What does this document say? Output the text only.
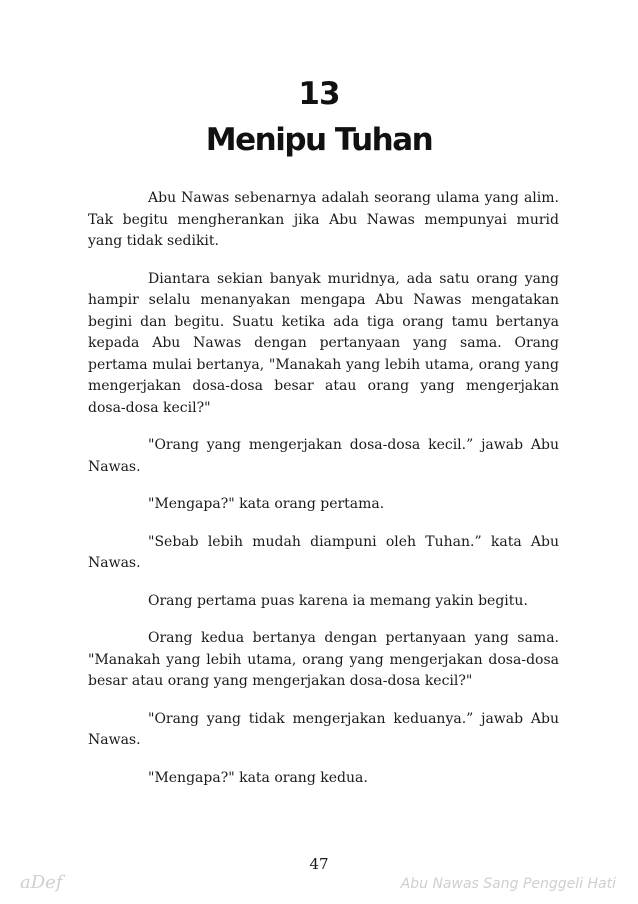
13
Menipu Tuhan

Abu Nawas sebenarnya adalah seorang ulama yang alim. Tak begitu mengherankan jika Abu Nawas mempunyai murid yang tidak sedikit.

Diantara sekian banyak muridnya, ada satu orang yang hampir selalu menanyakan mengapa Abu Nawas mengatakan begini dan begitu. Suatu ketika ada tiga orang tamu bertanya kepada Abu Nawas dengan pertanyaan yang sama. Orang pertama mulai bertanya, "Manakah yang lebih utama, orang yang mengerjakan dosa-dosa besar atau orang yang mengerjakan dosa-dosa kecil?"

"Orang yang mengerjakan dosa-dosa kecil.” jawab Abu Nawas.

"Mengapa?" kata orang pertama.

"Sebab lebih mudah diampuni oleh Tuhan.” kata Abu Nawas.

Orang pertama puas karena ia memang yakin begitu.

Orang kedua bertanya dengan pertanyaan yang sama. "Manakah yang lebih utama, orang yang mengerjakan dosa-dosa besar atau orang yang mengerjakan dosa-dosa kecil?"

"Orang yang tidak mengerjakan keduanya.” jawab Abu Nawas.

"Mengapa?" kata orang kedua.

47
aDef	Abu Nawas Sang Penggeli Hati
